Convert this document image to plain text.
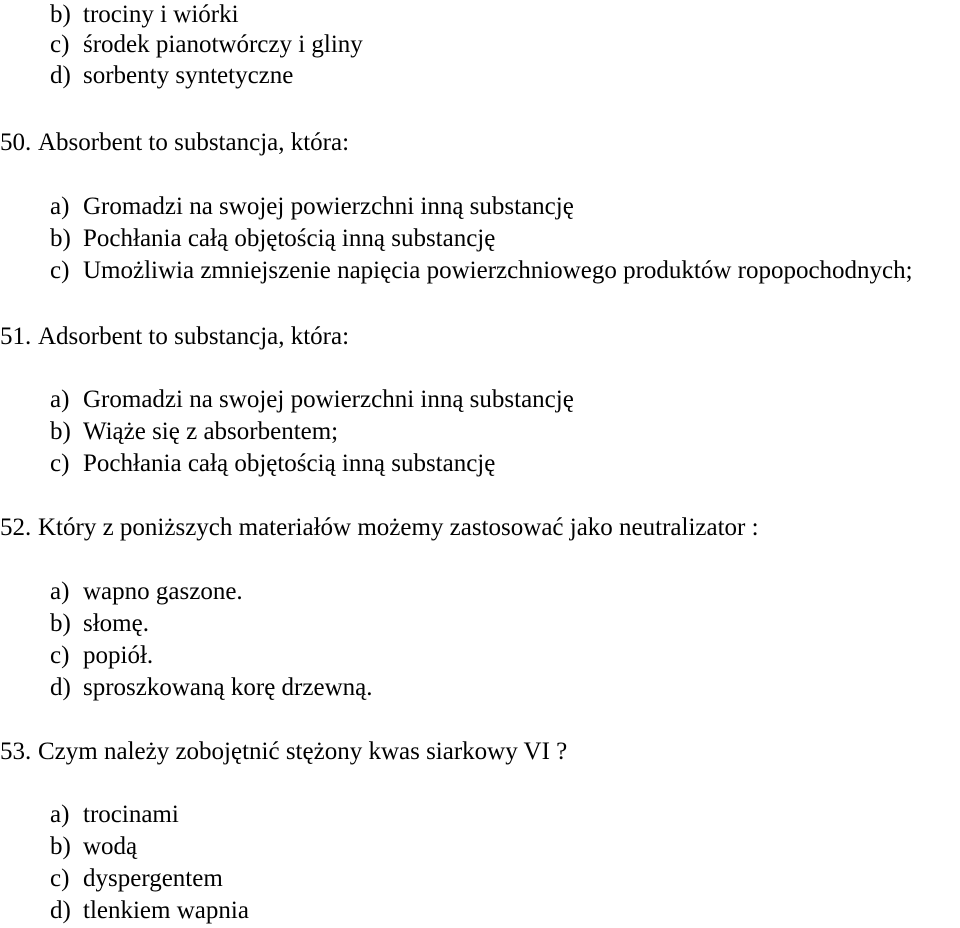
b) trociny i wiórki
c) środek pianotwórczy i gliny
d) sorbenty syntetyczne
50. Absorbent to substancja, która:
a) Gromadzi na swojej powierzchni inną substancję
b) Pochłania całą objętością inną substancję
c) Umożliwia zmniejszenie napięcia powierzchniowego produktów ropopochodnych;
51. Adsorbent to substancja, która:
a) Gromadzi na swojej powierzchni inną substancję
b) Wiąże się z absorbentem;
c) Pochłania całą objętością inną substancję
52. Który z poniższych materiałów możemy zastosować jako neutralizator :
a) wapno gaszone.
b) słomę.
c) popiół.
d) sproszkowaną korę drzewną.
53. Czym należy zobojętnić stężony kwas siarkowy VI ?
a) trocinami
b) wodą
c) dyspergentem
d) tlenkiem wapnia
